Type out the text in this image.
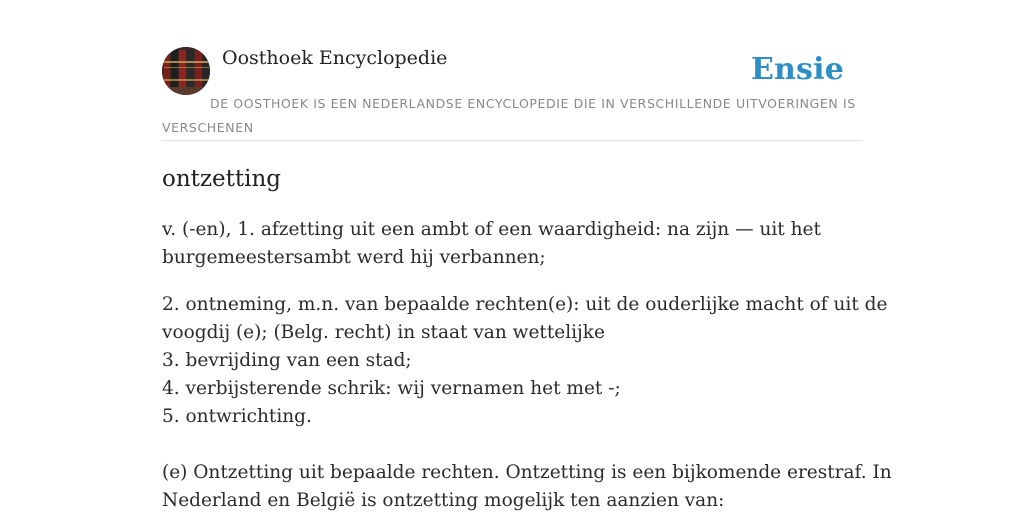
Oosthoek Encyclopedie	Ensie
DE OOSTHOEK IS EEN NEDERLANDSE ENCYCLOPEDIE DIE IN VERSCHILLENDE UITVOERINGEN IS VERSCHENEN
ontzetting

v. (-en), 1. afzetting uit een ambt of een waardigheid: na zijn — uit het
burgemeestersambt werd hij verbannen;

2. ontneming, m.n. van bepaalde rechten(e): uit de ouderlijke macht of uit de
voogdij (e); (Belg. recht) in staat van wettelijke
3. bevrijding van een stad;
4. verbijsterende schrik: wij vernamen het met -;
5. ontwrichting.

(e) Ontzetting uit bepaalde rechten. Ontzetting is een bijkomende erestraf. In
Nederland en België is ontzetting mogelijk ten aanzien van:
